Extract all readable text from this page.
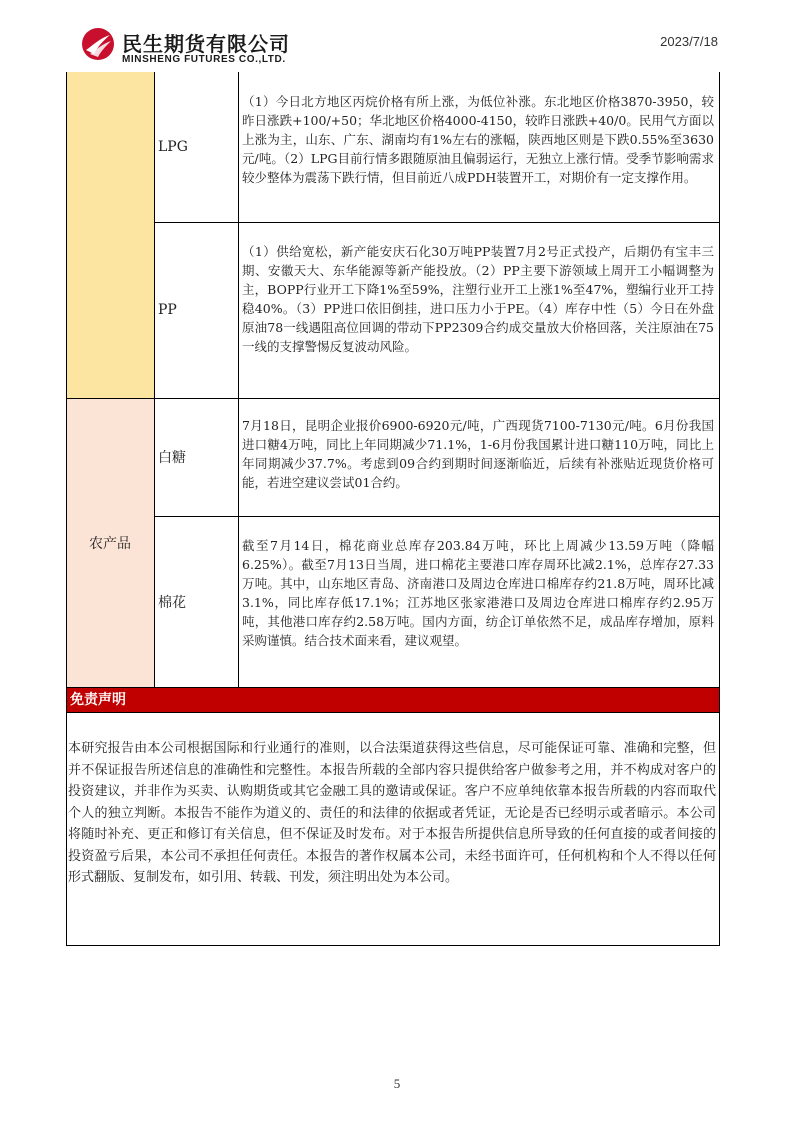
民生期货有限公司
MINSHENG FUTURES CO.,LTD.
2023/7/18
农产品
LPG
（1）今日北方地区丙烷价格有所上涨，为低位补涨。东北地区价格3870-3950，较昨日涨跌+100/+50；华北地区价格4000-4150，较昨日涨跌+40/0。民用气方面以上涨为主，山东、广东、湖南均有1%左右的涨幅，陕西地区则是下跌0.55%至3630元/吨。（2）LPG目前行情多跟随原油且偏弱运行，无独立上涨行情。受季节影响需求较少整体为震荡下跌行情，但目前近八成PDH装置开工，对期价有一定支撑作用。
PP
（1）供给宽松，新产能安庆石化30万吨PP装置7月2号正式投产，后期仍有宝丰三期、安徽天大、东华能源等新产能投放。（2）PP主要下游领域上周开工小幅调整为主，BOPP行业开工下降1%至59%，注塑行业开工上涨1%至47%，塑编行业开工持稳40%。（3）PP进口依旧倒挂，进口压力小于PE。（4）库存中性（5）今日在外盘原油78一线遇阻高位回调的带动下PP2309合约成交量放大价格回落，关注原油在75一线的支撑警惕反复波动风险。
白糖
7月18日，昆明企业报价6900-6920元/吨，广西现货7100-7130元/吨。6月份我国进口糖4万吨，同比上年同期减少71.1%，1-6月份我国累计进口糖110万吨，同比上年同期减少37.7%。考虑到09合约到期时间逐渐临近，后续有补涨贴近现货价格可能，若进空建议尝试01合约。
棉花
截至7月14日，棉花商业总库存203.84万吨，环比上周减少13.59万吨（降幅6.25%）。截至7月13日当周，进口棉花主要港口库存周环比减2.1%，总库存27.33万吨。其中，山东地区青岛、济南港口及周边仓库进口棉库存约21.8万吨，周环比减3.1%，同比库存低17.1%；江苏地区张家港港口及周边仓库进口棉库存约2.95万吨，其他港口库存约2.58万吨。国内方面，纺企订单依然不足，成品库存增加，原料采购谨慎。结合技术面来看，建议观望。
免责声明
本研究报告由本公司根据国际和行业通行的准则，以合法渠道获得这些信息，尽可能保证可靠、准确和完整，但并不保证报告所述信息的准确性和完整性。本报告所载的全部内容只提供给客户做参考之用，并不构成对客户的投资建议，并非作为买卖、认购期货或其它金融工具的邀请或保证。客户不应单纯依靠本报告所载的内容而取代个人的独立判断。本报告不能作为道义的、责任的和法律的依据或者凭证，无论是否已经明示或者暗示。本公司将随时补充、更正和修订有关信息，但不保证及时发布。对于本报告所提供信息所导致的任何直接的或者间接的投资盈亏后果，本公司不承担任何责任。本报告的著作权属本公司，未经书面许可，任何机构和个人不得以任何形式翻版、复制发布，如引用、转载、刊发，须注明出处为本公司。
5
